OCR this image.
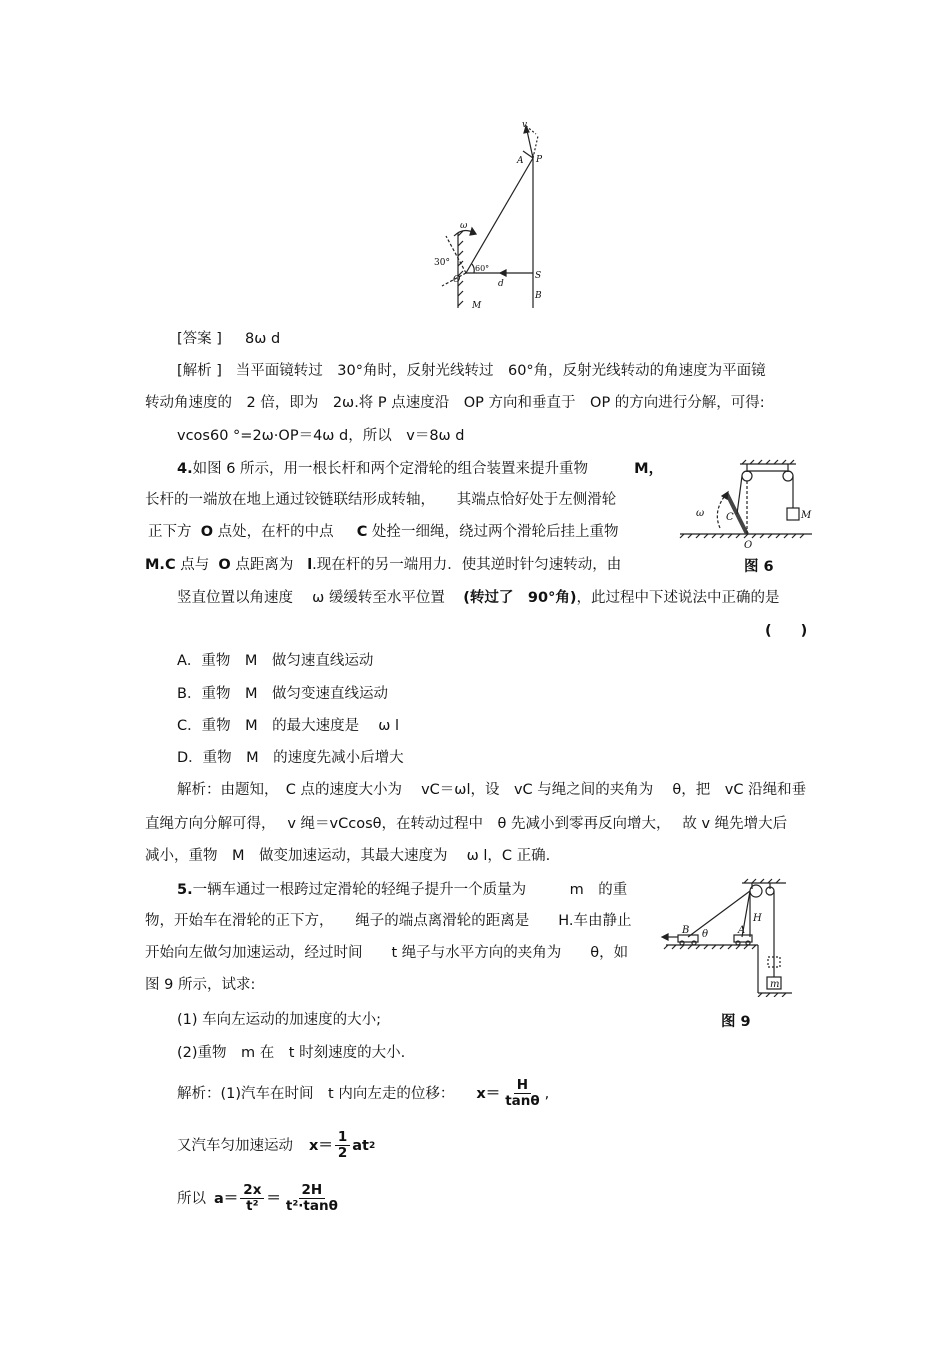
v
A P
ω
30°
O
60°
d
S
B
M
[答案 ] 8ω d
[解析 ] 当平面镜转过　30°角时，反射光线转过　60°角，反射光线转动的角速度为平面镜
转动角速度的　2 倍，即为　2ω.将 P 点速度沿　OP 方向和垂直于　OP 的方向进行分解，可得:
vcos60 °=2ω·OP＝4ω d，所以　v＝8ω d
4.如图 6 所示，用一根长杆和两个定滑轮的组合装置来提升重物	M，
长杆的一端放在地上通过铰链联结形成转轴，　　其端点恰好处于左侧滑轮
正下方 O 点处，在杆的中点 C 处拴一细绳，绕过两个滑轮后挂上重物
M.C 点与 O 点距离为 l.现在杆的另一端用力．使其逆时针匀速转动，由	图 6
ω C	M
O
竖直位置以角速度　 ω 缓缓转至水平位置 (转过了　90°角)，此过程中下述说法中正确的是
(　　)
A．重物　M　做匀速直线运动
B．重物　M　做匀变速直线运动
C．重物　M　的最大速度是　 ω l
D．重物　M　的速度先减小后增大
解析：由题知，　C 点的速度大小为　 vC＝ωl，设　vC 与绳之间的夹角为　 θ，把　vC 沿绳和垂
直绳方向分解可得，　 v 绳＝vCcosθ，在转动过程中　θ 先减小到零再反向增大，　 故 v 绳先增大后
减小，重物　M　做变加速运动，其最大速度为　 ω l，C 正确.
5.一辆车通过一根跨过定滑轮的轻绳子提升一个质量为　　　m　的重
物，开始车在滑轮的正下方，　　绳子的端点离滑轮的距离是　　H.车由静止
开始向左做匀加速运动，经过时间　　t 绳子与水平方向的夹角为　　θ，如
图 9 所示，试求:
H
θ
B	A
m
(1) 车向左运动的加速度的大小;	图 9
(2)重物　m 在　t 时刻速度的大小.
解析：(1)汽车在时间　t 内向左走的位移： $x= \frac{H}{\tan\theta}$ ,
又汽车匀加速运动 $x= \frac{1}{2}$ at 2
所以 $a= \frac{2x}{\text{t²}} = \frac{2H}{\text{t²·tanθ}}$
